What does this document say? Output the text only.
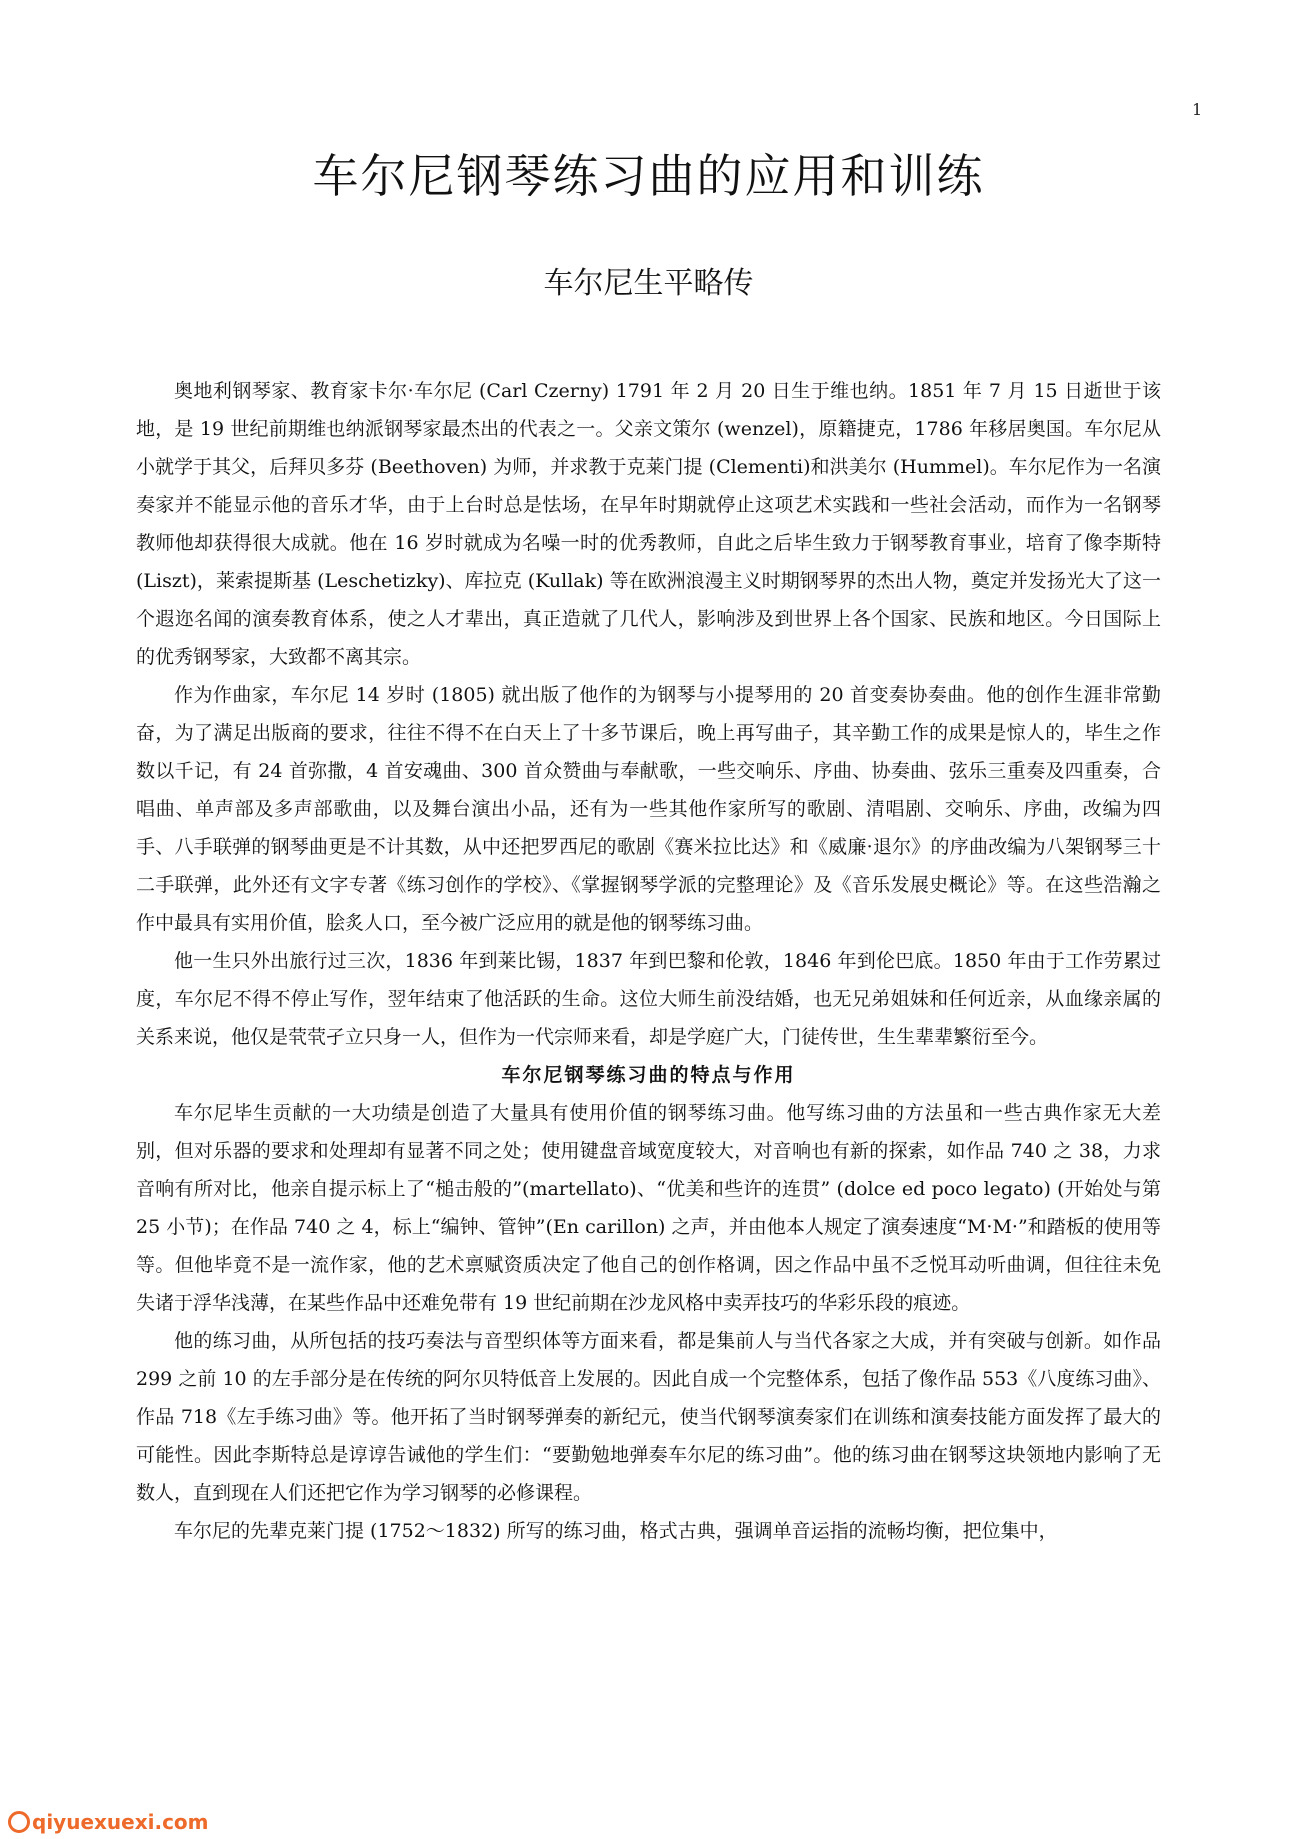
1
车尔尼钢琴练习曲的应用和训练
车尔尼生平略传

奥地利钢琴家、教育家卡尔·车尔尼 (Carl Czerny) 1791 年 2 月 20 日生于维也纳。1851 年 7 月 15 日逝世于该地，是 19 世纪前期维也纳派钢琴家最杰出的代表之一。父亲文策尔 (wenzel)，原籍捷克，1786 年移居奥国。车尔尼从小就学于其父，后拜贝多芬 (Beethoven) 为师，并求教于克莱门提 (Clementi)和洪美尔 (Hummel)。车尔尼作为一名演奏家并不能显示他的音乐才华，由于上台时总是怯场，在早年时期就停止这项艺术实践和一些社会活动，而作为一名钢琴教师他却获得很大成就。他在 16 岁时就成为名噪一时的优秀教师，自此之后毕生致力于钢琴教育事业，培育了像李斯特 (Liszt)，莱索提斯基 (Leschetizky)、库拉克 (Kullak) 等在欧洲浪漫主义时期钢琴界的杰出人物，奠定并发扬光大了这一个遐迩名闻的演奏教育体系，使之人才辈出，真正造就了几代人，影响涉及到世界上各个国家、民族和地区。今日国际上的优秀钢琴家，大致都不离其宗。

作为作曲家，车尔尼 14 岁时 (1805) 就出版了他作的为钢琴与小提琴用的 20 首变奏协奏曲。他的创作生涯非常勤奋，为了满足出版商的要求，往往不得不在白天上了十多节课后，晚上再写曲子，其辛勤工作的成果是惊人的，毕生之作数以千记，有 24 首弥撒，4 首安魂曲、300 首众赞曲与奉献歌，一些交响乐、序曲、协奏曲、弦乐三重奏及四重奏，合唱曲、单声部及多声部歌曲，以及舞台演出小品，还有为一些其他作家所写的歌剧、清唱剧、交响乐、序曲，改编为四手、八手联弹的钢琴曲更是不计其数，从中还把罗西尼的歌剧《赛米拉比达》和《威廉·退尔》的序曲改编为八架钢琴三十二手联弹，此外还有文字专著《练习创作的学校》、《掌握钢琴学派的完整理论》及《音乐发展史概论》等。在这些浩瀚之作中最具有实用价值，脍炙人口，至今被广泛应用的就是他的钢琴练习曲。

他一生只外出旅行过三次，1836 年到莱比锡，1837 年到巴黎和伦敦，1846 年到伦巴底。1850 年由于工作劳累过度，车尔尼不得不停止写作，翌年结束了他活跃的生命。这位大师生前没结婚，也无兄弟姐妹和任何近亲，从血缘亲属的关系来说，他仅是茕茕孑立只身一人，但作为一代宗师来看，却是学庭广大，门徒传世，生生辈辈繁衍至今。

车尔尼钢琴练习曲的特点与作用

车尔尼毕生贡献的一大功绩是创造了大量具有使用价值的钢琴练习曲。他写练习曲的方法虽和一些古典作家无大差别，但对乐器的要求和处理却有显著不同之处；使用键盘音域宽度较大，对音响也有新的探索，如作品 740 之 38，力求音响有所对比，他亲自提示标上了“槌击般的”(martellato)、“优美和些许的连贯” (dolce ed poco legato) (开始处与第 25 小节)；在作品 740 之 4，标上“编钟、管钟”(En carillon) 之声，并由他本人规定了演奏速度“M·M·”和踏板的使用等等。但他毕竟不是一流作家，他的艺术禀赋资质决定了他自己的创作格调，因之作品中虽不乏悦耳动听曲调，但往往未免失诸于浮华浅薄，在某些作品中还难免带有 19 世纪前期在沙龙风格中卖弄技巧的华彩乐段的痕迹。

他的练习曲，从所包括的技巧奏法与音型织体等方面来看，都是集前人与当代各家之大成，并有突破与创新。如作品 299 之前 10 的左手部分是在传统的阿尔贝特低音上发展的。因此自成一个完整体系，包括了像作品 553《八度练习曲》、作品 718《左手练习曲》等。他开拓了当时钢琴弹奏的新纪元，使当代钢琴演奏家们在训练和演奏技能方面发挥了最大的可能性。因此李斯特总是谆谆告诫他的学生们：“要勤勉地弹奏车尔尼的练习曲”。他的练习曲在钢琴这块领地内影响了无数人，直到现在人们还把它作为学习钢琴的必修课程。

车尔尼的先辈克莱门提 (1752～1832) 所写的练习曲，格式古典，强调单音运指的流畅均衡，把位集中，

qiyuexuexi.com
